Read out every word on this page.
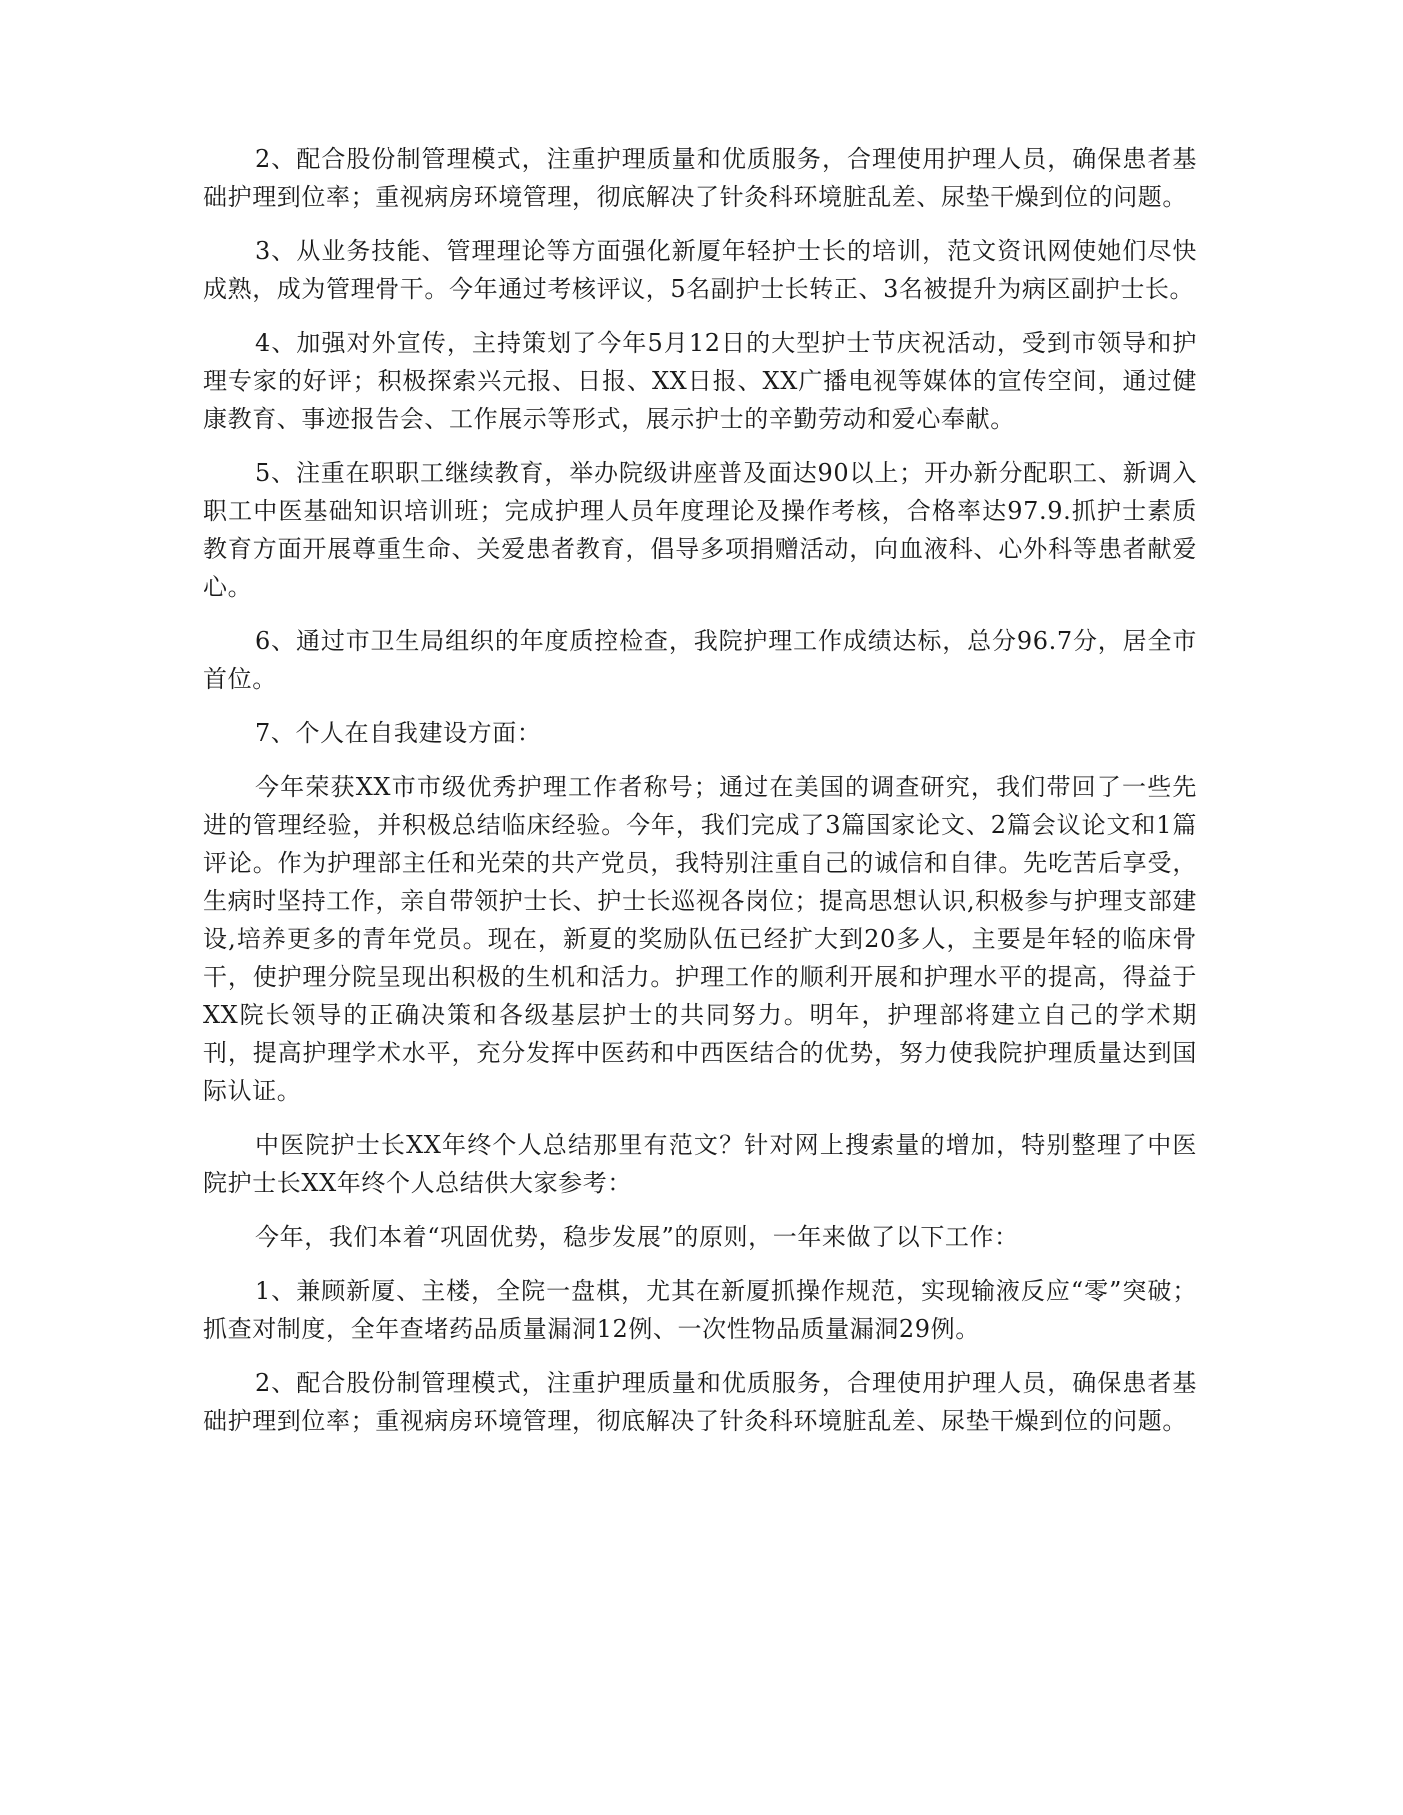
2、配合股份制管理模式，注重护理质量和优质服务，合理使用护理人员，确保患者基础护理到位率；重视病房环境管理，彻底解决了针灸科环境脏乱差、尿垫干燥到位的问题。

3、从业务技能、管理理论等方面强化新厦年轻护士长的培训，范文资讯网使她们尽快成熟，成为管理骨干。今年通过考核评议，5名副护士长转正、3名被提升为病区副护士长。

4、加强对外宣传，主持策划了今年5月12日的大型护士节庆祝活动，受到市领导和护理专家的好评；积极探索兴元报、日报、XX日报、XX广播电视等媒体的宣传空间，通过健康教育、事迹报告会、工作展示等形式，展示护士的辛勤劳动和爱心奉献。

5、注重在职职工继续教育，举办院级讲座普及面达90以上；开办新分配职工、新调入职工中医基础知识培训班；完成护理人员年度理论及操作考核，合格率达97.9.抓护士素质教育方面开展尊重生命、关爱患者教育，倡导多项捐赠活动，向血液科、心外科等患者献爱心。

6、通过市卫生局组织的年度质控检查，我院护理工作成绩达标，总分96.7分，居全市首位。

7、个人在自我建设方面：

今年荣获XX市市级优秀护理工作者称号；通过在美国的调查研究，我们带回了一些先进的管理经验，并积极总结临床经验。今年，我们完成了3篇国家论文、2篇会议论文和1篇评论。作为护理部主任和光荣的共产党员，我特别注重自己的诚信和自律。先吃苦后享受，生病时坚持工作，亲自带领护士长、护士长巡视各岗位；提高思想认识,积极参与护理支部建设,培养更多的青年党员。现在，新夏的奖励队伍已经扩大到20多人，主要是年轻的临床骨干，使护理分院呈现出积极的生机和活力。护理工作的顺利开展和护理水平的提高，得益于XX院长领导的正确决策和各级基层护士的共同努力。明年，护理部将建立自己的学术期刊，提高护理学术水平，充分发挥中医药和中西医结合的优势，努力使我院护理质量达到国际认证。

中医院护士长XX年终个人总结那里有范文？针对网上搜索量的增加，特别整理了中医院护士长XX年终个人总结供大家参考：

今年，我们本着“巩固优势，稳步发展”的原则，一年来做了以下工作：

1、兼顾新厦、主楼，全院一盘棋，尤其在新厦抓操作规范，实现输液反应“零”突破；抓查对制度，全年查堵药品质量漏洞12例、一次性物品质量漏洞29例。

2、配合股份制管理模式，注重护理质量和优质服务，合理使用护理人员，确保患者基础护理到位率；重视病房环境管理，彻底解决了针灸科环境脏乱差、尿垫干燥到位的问题。
